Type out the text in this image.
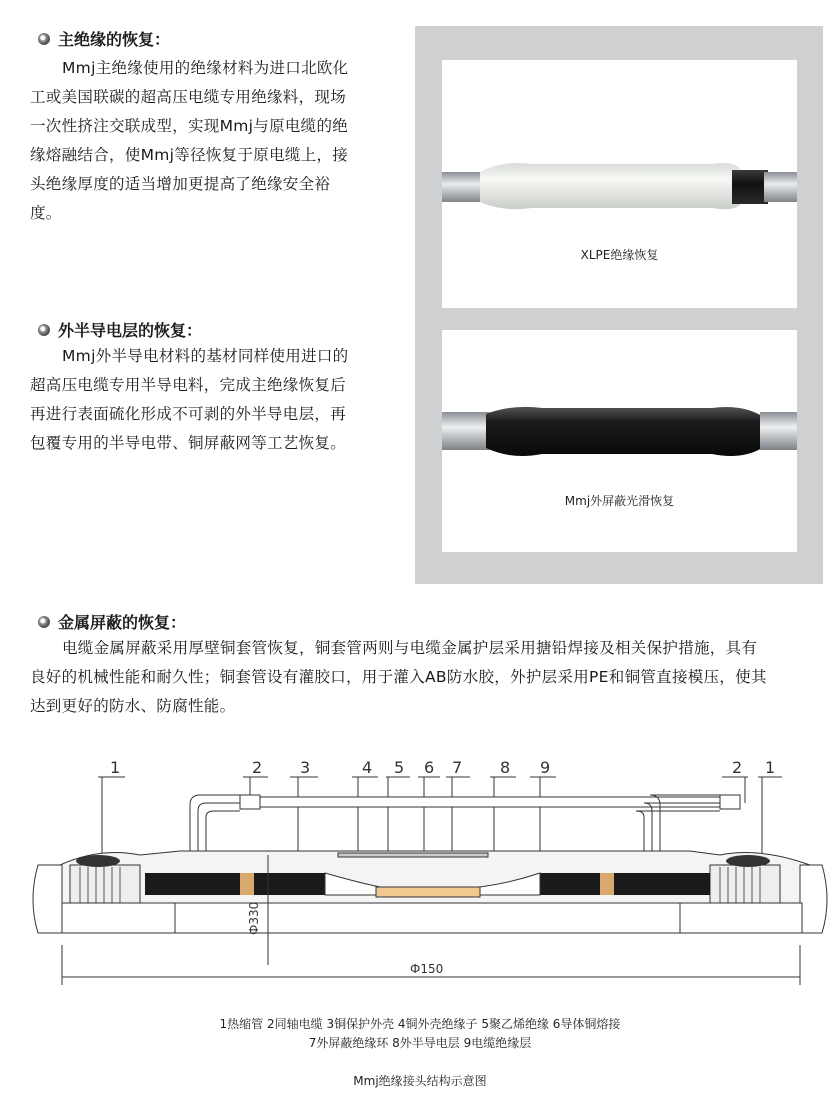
主绝缘的恢复：
Mmj主绝缘使用的绝缘材料为进口北欧化
工或美国联碳的超高压电缆专用绝缘料，现场
一次性挤注交联成型，实现Mmj与原电缆的绝
缘熔融结合，使Mmj等径恢复于原电缆上，接
头绝缘厚度的适当增加更提高了绝缘安全裕
度。
外半导电层的恢复：
Mmj外半导电材料的基材同样使用进口的
超高压电缆专用半导电料，完成主绝缘恢复后
再进行表面硫化形成不可剥的外半导电层，再
包覆专用的半导电带、铜屏蔽网等工艺恢复。
XLPE绝缘恢复
Mmj外屏蔽光滑恢复
金属屏蔽的恢复：
电缆金属屏蔽采用厚壁铜套管恢复，铜套管两则与电缆金属护层采用搪铅焊接及相关保护措施，具有
良好的机械性能和耐久性；铜套管设有灌胶口，用于灌入AB防水胶，外护层采用PE和铜管直接模压，使其
达到更好的防水、防腐性能。
1	2 3	4 5 6 7 8 9	2 1
Ф330
Ф150
1热缩管 2同轴电缆 3铜保护外壳 4铜外壳绝缘子 5聚乙烯绝缘 6导体铜熔接
7外屏蔽绝缘环 8外半导电层 9电缆绝缘层
Mmj绝缘接头结构示意图
